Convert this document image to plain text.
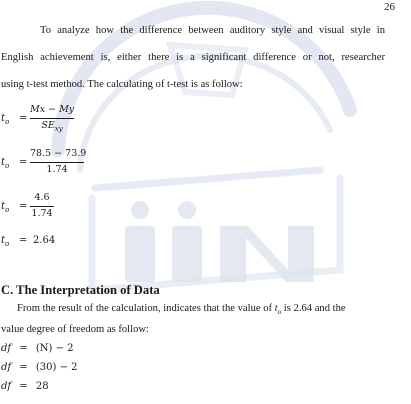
26
To analyze how the difference between auditory style and visual style in
English achievement is, either there is a significant difference or not, researcher
using t-test method. The calculating of t-test is as follow:
$t_o$ =
Mx − My
$SE_{xy}$
$t_o$ =
78.5 − 73.9
1.74
$t_o$ =
4.6
1.74
$t_o = 2.64$
C. The Interpretation of Data
From the result of the calculation, indicates that the value of $t_o$ is 2.64 and the
value degree of freedom as follow:
df = (N) − 2
df = (30) − 2
df = 28
